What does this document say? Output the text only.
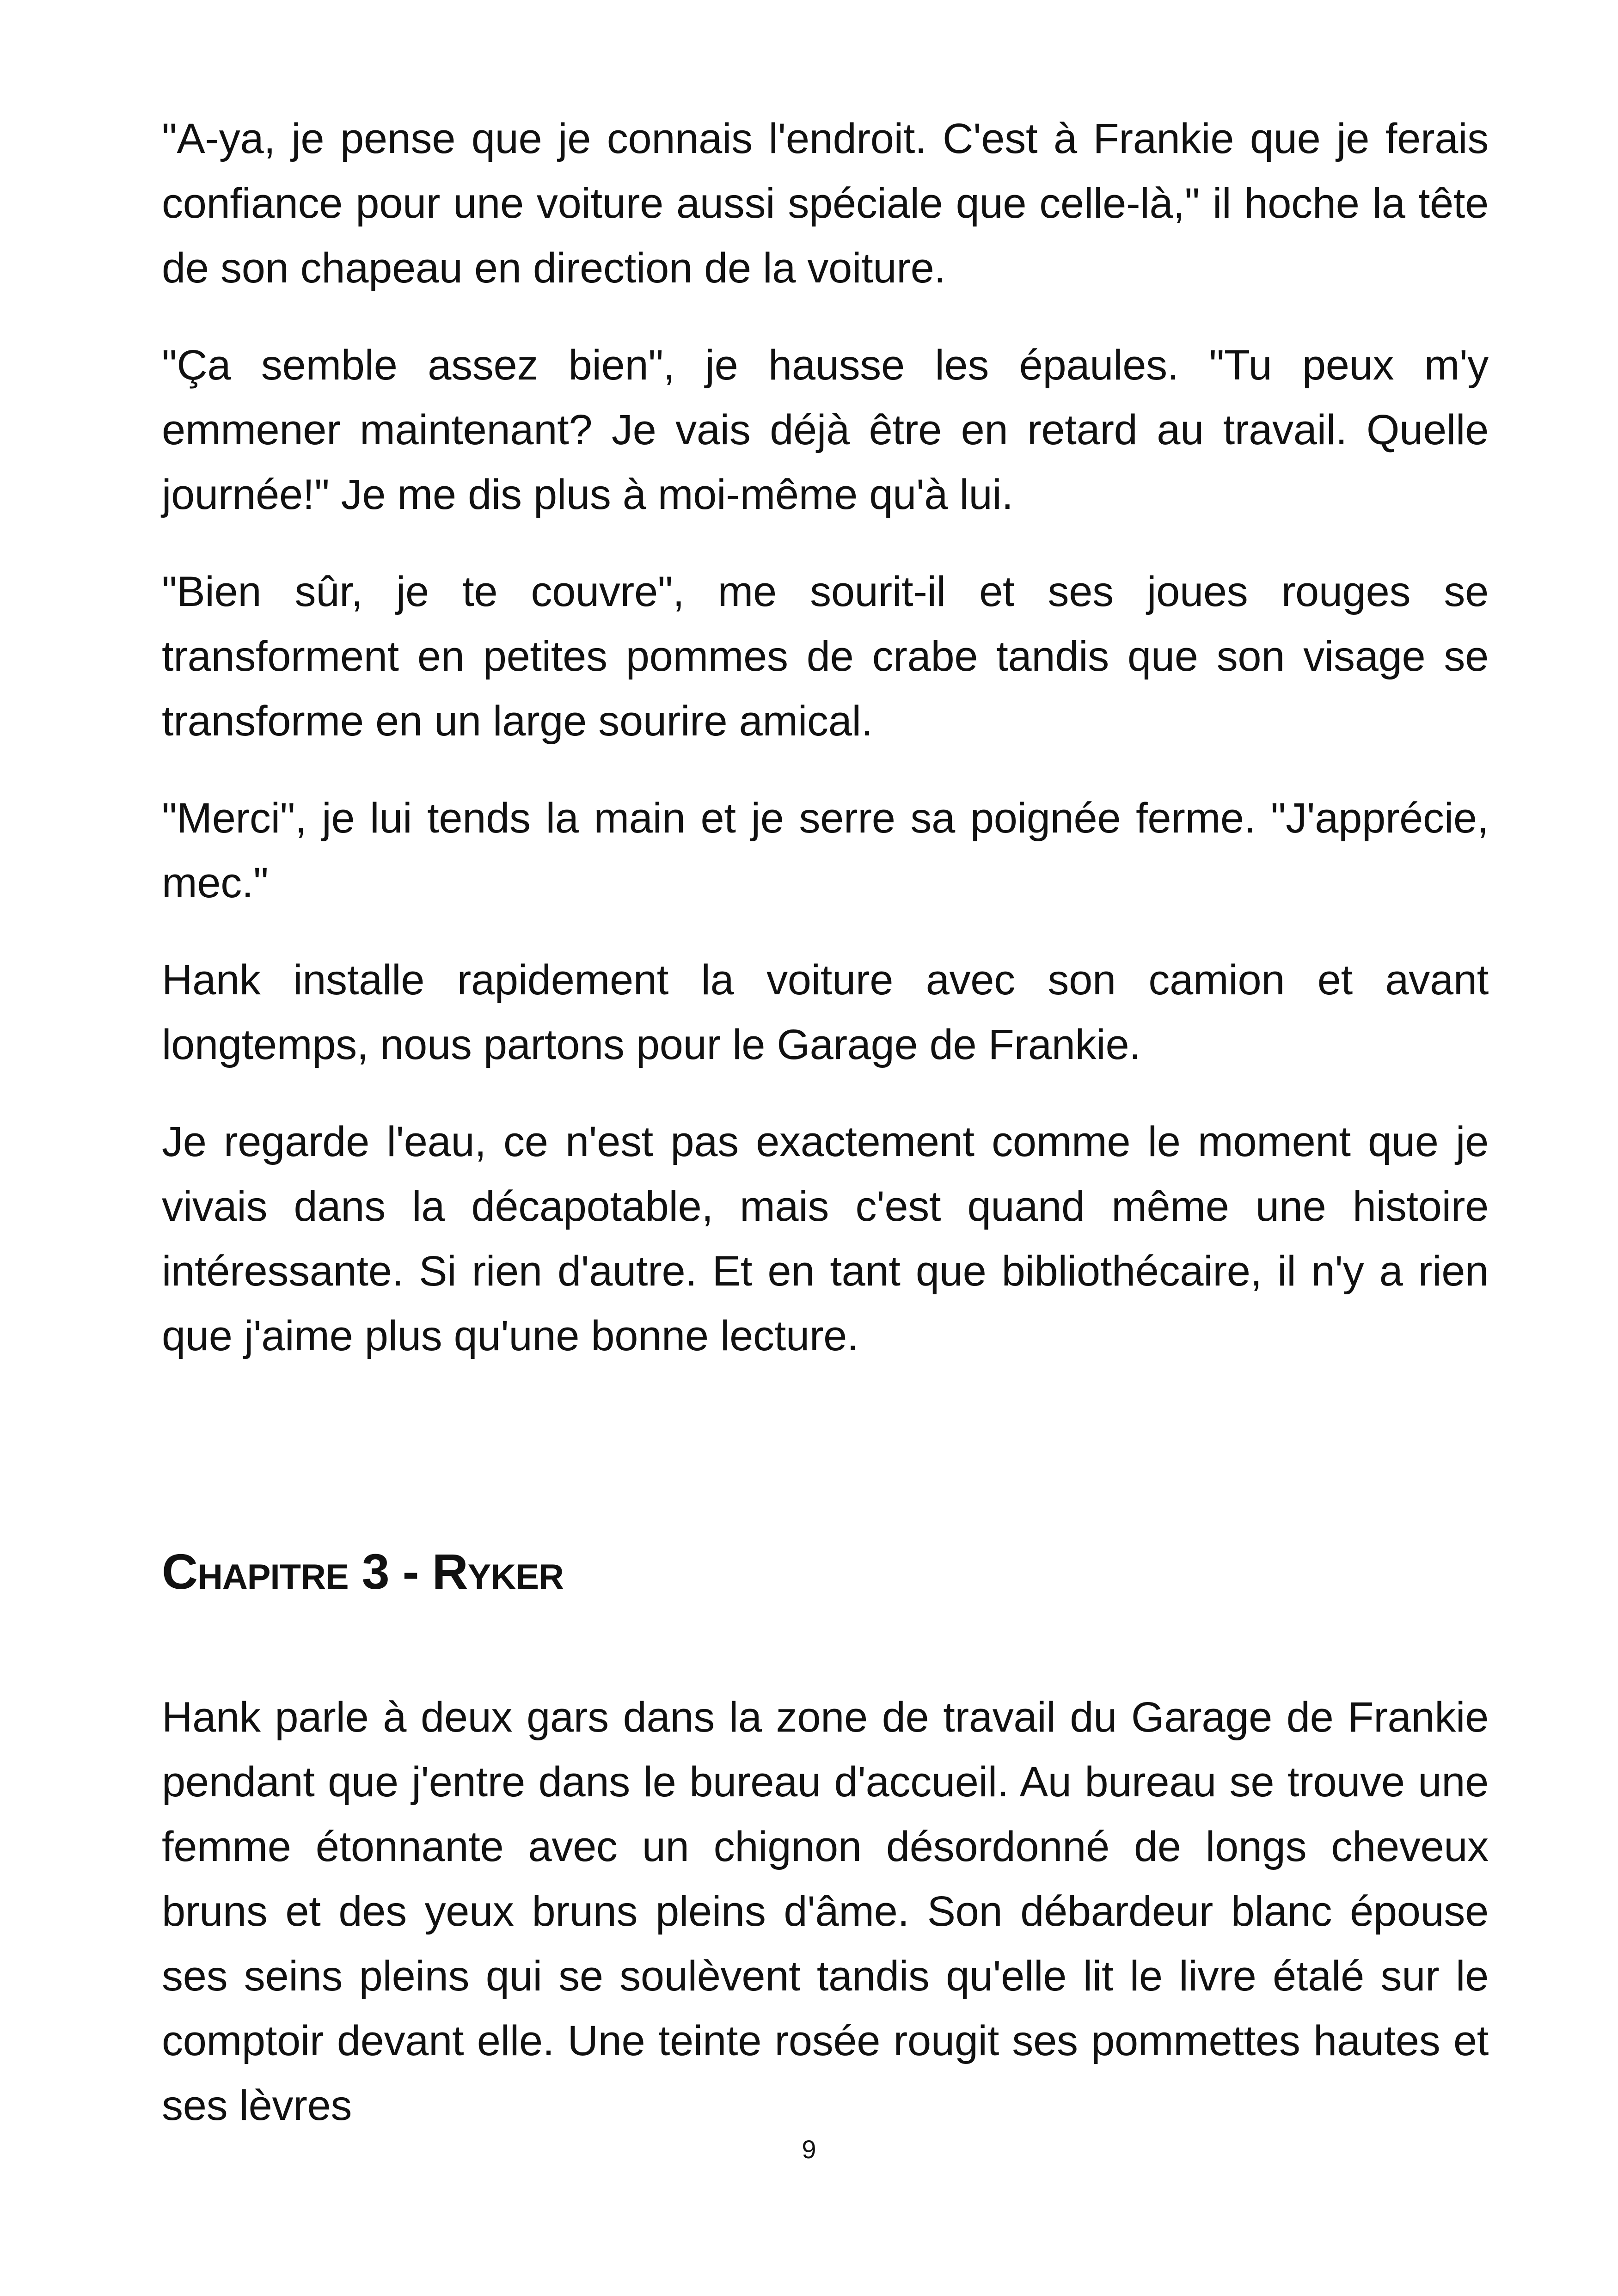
"A-ya, je pense que je connais l'endroit. C'est à Frankie que je ferais confiance pour une voiture aussi spéciale que celle-là," il hoche la tête de son chapeau en direction de la voiture.

"Ça semble assez bien", je hausse les épaules. "Tu peux m'y emmener maintenant? Je vais déjà être en retard au travail. Quelle journée!" Je me dis plus à moi-même qu'à lui.

"Bien sûr, je te couvre", me sourit-il et ses joues rouges se transforment en petites pommes de crabe tandis que son visage se transforme en un large sourire amical.

"Merci", je lui tends la main et je serre sa poignée ferme. "J'apprécie, mec."

Hank installe rapidement la voiture avec son camion et avant longtemps, nous partons pour le Garage de Frankie.

Je regarde l'eau, ce n'est pas exactement comme le moment que je vivais dans la décapotable, mais c'est quand même une histoire intéressante. Si rien d'autre. Et en tant que bibliothécaire, il n'y a rien que j'aime plus qu'une bonne lecture.

Chapitre 3 - Ryker

Hank parle à deux gars dans la zone de travail du Garage de Frankie pendant que j'entre dans le bureau d'accueil. Au bureau se trouve une femme étonnante avec un chignon désordonné de longs cheveux bruns et des yeux bruns pleins d'âme. Son débardeur blanc épouse ses seins pleins qui se soulèvent tandis qu'elle lit le livre étalé sur le comptoir devant elle. Une teinte rosée rougit ses pommettes hautes et ses lèvres

9
